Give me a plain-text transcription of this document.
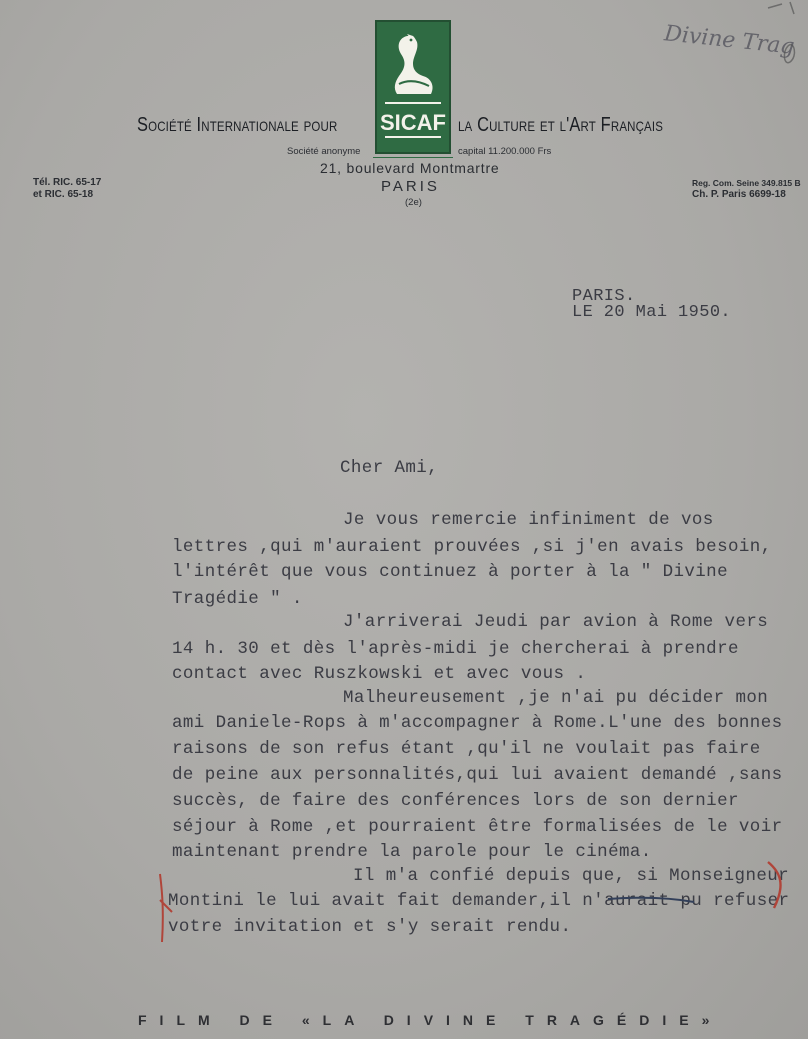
Divine Trag
SICAF
Société Internationale pour	la Culture et l'Art Français
Société anonyme	capital 11.200.000 Frs
21, boulevard Montmartre
PARIS
(2e)
Tél. RIC. 65-17
et RIC. 65-18
Reg. Com. Seine 349.815 B
Ch. P. Paris 6699-18
PARIS.
LE 20 Mai 1950.
Cher Ami,
Je vous remercie infiniment de vos
lettres ,qui m'auraient prouvées ,si j'en avais besoin,
l'intérêt que vous continuez à porter à la " Divine
Tragédie " .
J'arriverai Jeudi par avion à Rome vers
14 h. 30 et dès l'après-midi je chercherai à prendre
contact avec Ruszkowski et avec vous .
Malheureusement ,je n'ai pu décider mon
ami Daniele-Rops à m'accompagner à Rome.L'une des bonnes
raisons de son refus étant ,qu'il ne voulait pas faire
de peine aux personnalités,qui lui avaient demandé ,sans
succès, de faire des conférences lors de son dernier
séjour à Rome ,et pourraient être formalisées de le voir
maintenant prendre la parole pour le cinéma.
Il m'a confié depuis que, si Monseigneur
Montini le lui avait fait demander,il n'aurait pu refuser
votre invitation et s'y serait rendu.
FILM DE «LA DIVINE TRAGÉDIE»
